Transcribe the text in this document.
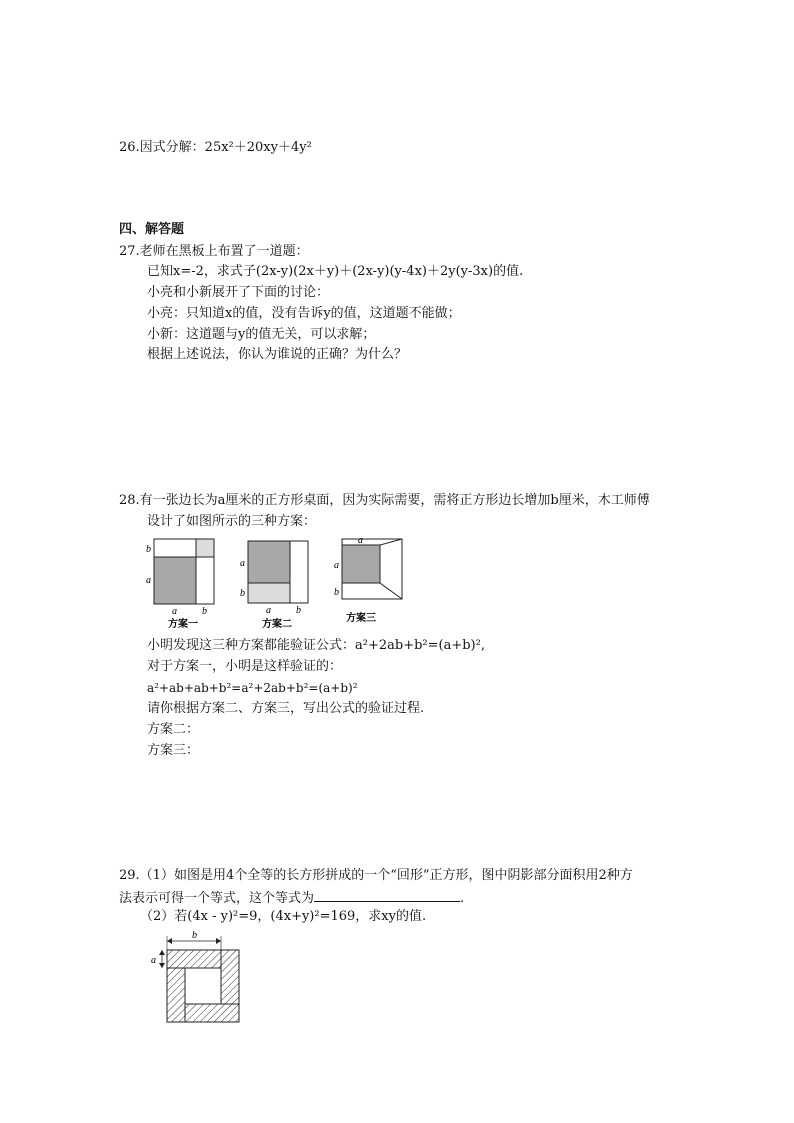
26.因式分解：25x²＋20xy＋4y²
四、解答题
27.老师在黑板上布置了一道题：
已知x=-2，求式子(2x-y)(2x＋y)＋(2x-y)(y-4x)＋2y(y-3x)的值.
小亮和小新展开了下面的讨论：
小亮：只知道x的值，没有告诉y的值，这道题不能做；
小新：这道题与y的值无关，可以求解；
根据上述说法，你认为谁说的正确？为什么？
28.有一张边长为a厘米的正方形桌面，因为实际需要，需将正方形边长增加b厘米，木工师傅
设计了如图所示的三种方案：
b
a
a	b
方案一
a
b
a	b
方案二
a
a
b
方案三
小明发现这三种方案都能验证公式：a²+2ab+b²=(a+b)²,
对于方案一，小明是这样验证的：
a²+ab+ab+b²=a²+2ab+b²=(a+b)²
请你根据方案二、方案三，写出公式的验证过程.
方案二：
方案三：
29.（1）如图是用4个全等的长方形拼成的一个“回形”正方形，图中阴影部分面积用2种方
法表示可得一个等式，这个等式为	.
（2）若(4x - y)²=9，(4x+y)²=169，求xy的值.
b
a
